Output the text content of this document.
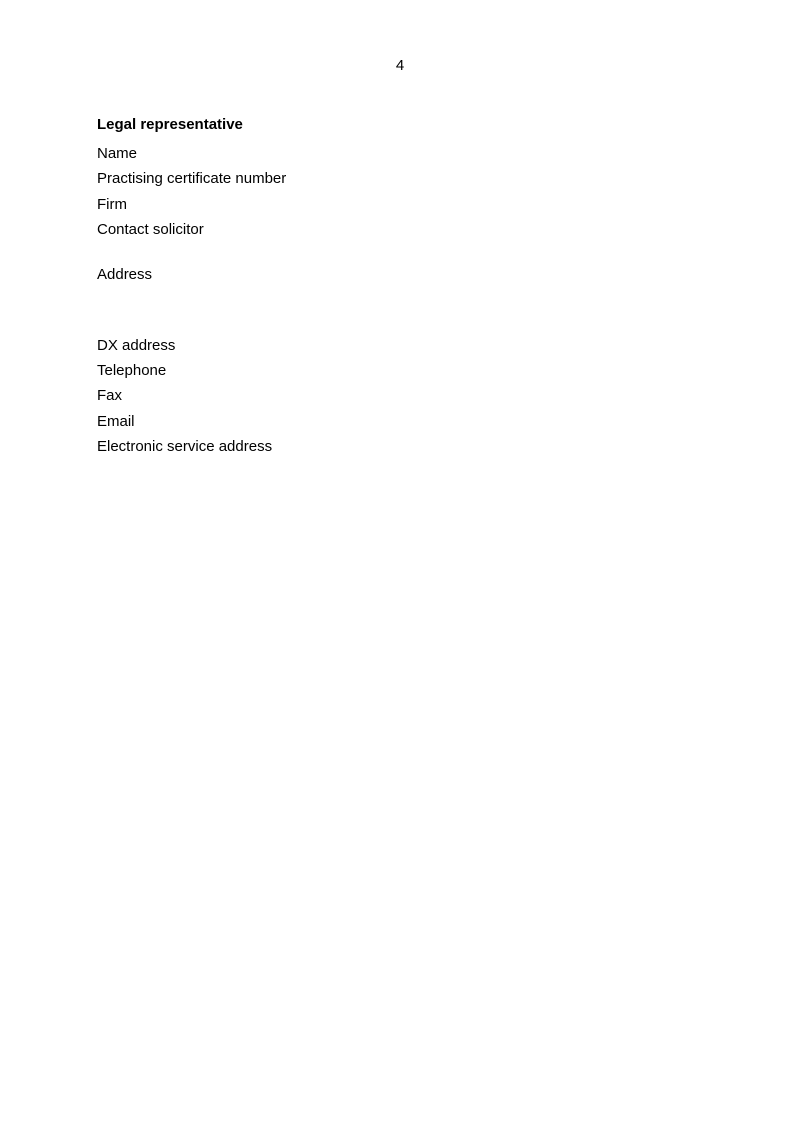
4
Legal representative
Name
Practising certificate number
Firm
Contact solicitor
Address
DX address
Telephone
Fax
Email
Electronic service address
